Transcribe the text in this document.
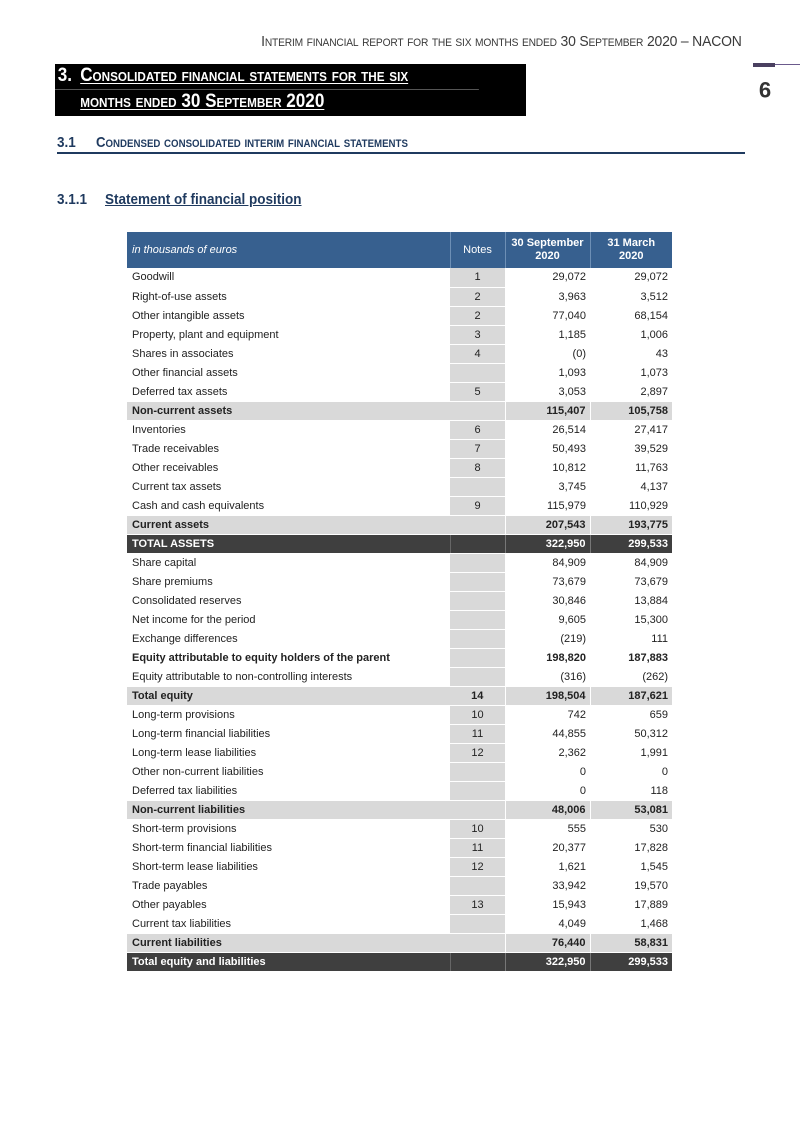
Interim financial report for the six months ended 30 September 2020 – NACON
9
3. Consolidated financial statements for the six
months ended 30 September 2020
3.1 Condensed consolidated interim financial statements
3.1.1 Statement of financial position
in thousands of euros	Notes	30 September 2020	31 March 2020
Goodwill	1	29,072	29,072
Right-of-use assets	2	3,963	3,512
Other intangible assets	2	77,040	68,154
Property, plant and equipment	3	1,185	1,006
Shares in associates	4	(0)	43
Other financial assets		1,093	1,073
Deferred tax assets	5	3,053	2,897
Non-current assets		115,407	105,758
Inventories	6	26,514	27,417
Trade receivables	7	50,493	39,529
Other receivables	8	10,812	11,763
Current tax assets		3,745	4,137
Cash and cash equivalents	9	115,979	110,929
Current assets		207,543	193,775
TOTAL ASSETS		322,950	299,533
Share capital		84,909	84,909
Share premiums		73,679	73,679
Consolidated reserves		30,846	13,884
Net income for the period		9,605	15,300
Exchange differences		(219)	111
Equity attributable to equity holders of the parent		198,820	187,883
Equity attributable to non-controlling interests		(316)	(262)
Total equity	14	198,504	187,621
Long-term provisions	10	742	659
Long-term financial liabilities	11	44,855	50,312
Long-term lease liabilities	12	2,362	1,991
Other non-current liabilities		0	0
Deferred tax liabilities		0	118
Non-current liabilities		48,006	53,081
Short-term provisions	10	555	530
Short-term financial liabilities	11	20,377	17,828
Short-term lease liabilities	12	1,621	1,545
Trade payables		33,942	19,570
Other payables	13	15,943	17,889
Current tax liabilities		4,049	1,468
Current liabilities		76,440	58,831
Total equity and liabilities		322,950	299,533
